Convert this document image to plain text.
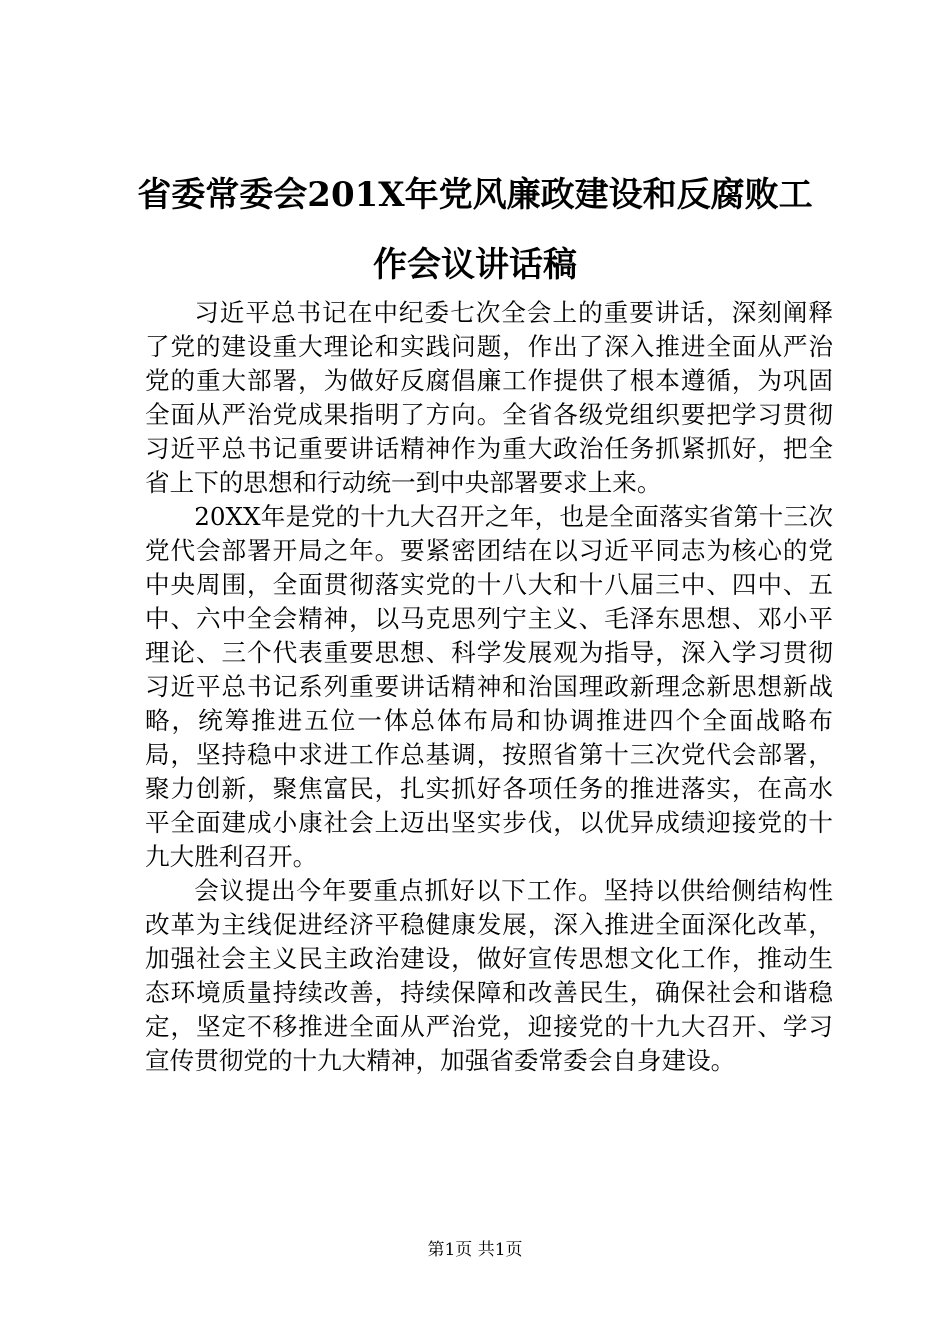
省委常委会201X年党风廉政建设和反腐败工
作会议讲话稿

习近平总书记在中纪委七次全会上的重要讲话，深刻阐释了党的建设重大理论和实践问题，作出了深入推进全面从严治党的重大部署，为做好反腐倡廉工作提供了根本遵循，为巩固全面从严治党成果指明了方向。全省各级党组织要把学习贯彻习近平总书记重要讲话精神作为重大政治任务抓紧抓好，把全省上下的思想和行动统一到中央部署要求上来。

20XX年是党的十九大召开之年，也是全面落实省第十三次党代会部署开局之年。要紧密团结在以习近平同志为核心的党中央周围，全面贯彻落实党的十八大和十八届三中、四中、五中、六中全会精神，以马克思列宁主义、毛泽东思想、邓小平理论、三个代表重要思想、科学发展观为指导，深入学习贯彻习近平总书记系列重要讲话精神和治国理政新理念新思想新战略，统筹推进五位一体总体布局和协调推进四个全面战略布局，坚持稳中求进工作总基调，按照省第十三次党代会部署，聚力创新，聚焦富民，扎实抓好各项任务的推进落实，在高水平全面建成小康社会上迈出坚实步伐，以优异成绩迎接党的十九大胜利召开。

会议提出今年要重点抓好以下工作。坚持以供给侧结构性改革为主线促进经济平稳健康发展，深入推进全面深化改革，加强社会主义民主政治建设，做好宣传思想文化工作，推动生态环境质量持续改善，持续保障和改善民生，确保社会和谐稳定，坚定不移推进全面从严治党，迎接党的十九大召开、学习宣传贯彻党的十九大精神，加强省委常委会自身建设。

第1页 共1页
